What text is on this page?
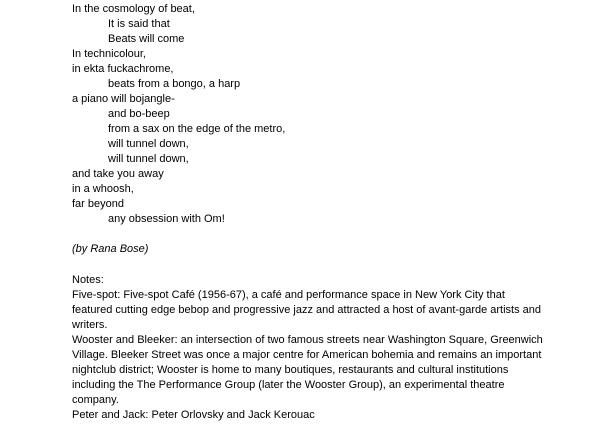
In the cosmology of beat,
It is said that
Beats will come
In technicolour,
in ekta fuckachrome,
beats from a bongo, a harp
a piano will bojangle-
and bo-beep
from a sax on the edge of the metro,
will tunnel down,
will tunnel down,
and take you away
in a whoosh,
far beyond
any obsession with Om!
(by Rana Bose)

Notes:

Five-spot: Five-spot Café (1956-67), a café and performance space in New York City that featured cutting edge bebop and progressive jazz and attracted a host of avant-garde artists and writers.

Wooster and Bleeker: an intersection of two famous streets near Washington Square, Greenwich Village. Bleeker Street was once a major centre for American bohemia and remains an important nightclub district; Wooster is home to many boutiques, restaurants and cultural institutions including the The Performance Group (later the Wooster Group), an experimental theatre company.

Peter and Jack: Peter Orlovsky and Jack Kerouac
